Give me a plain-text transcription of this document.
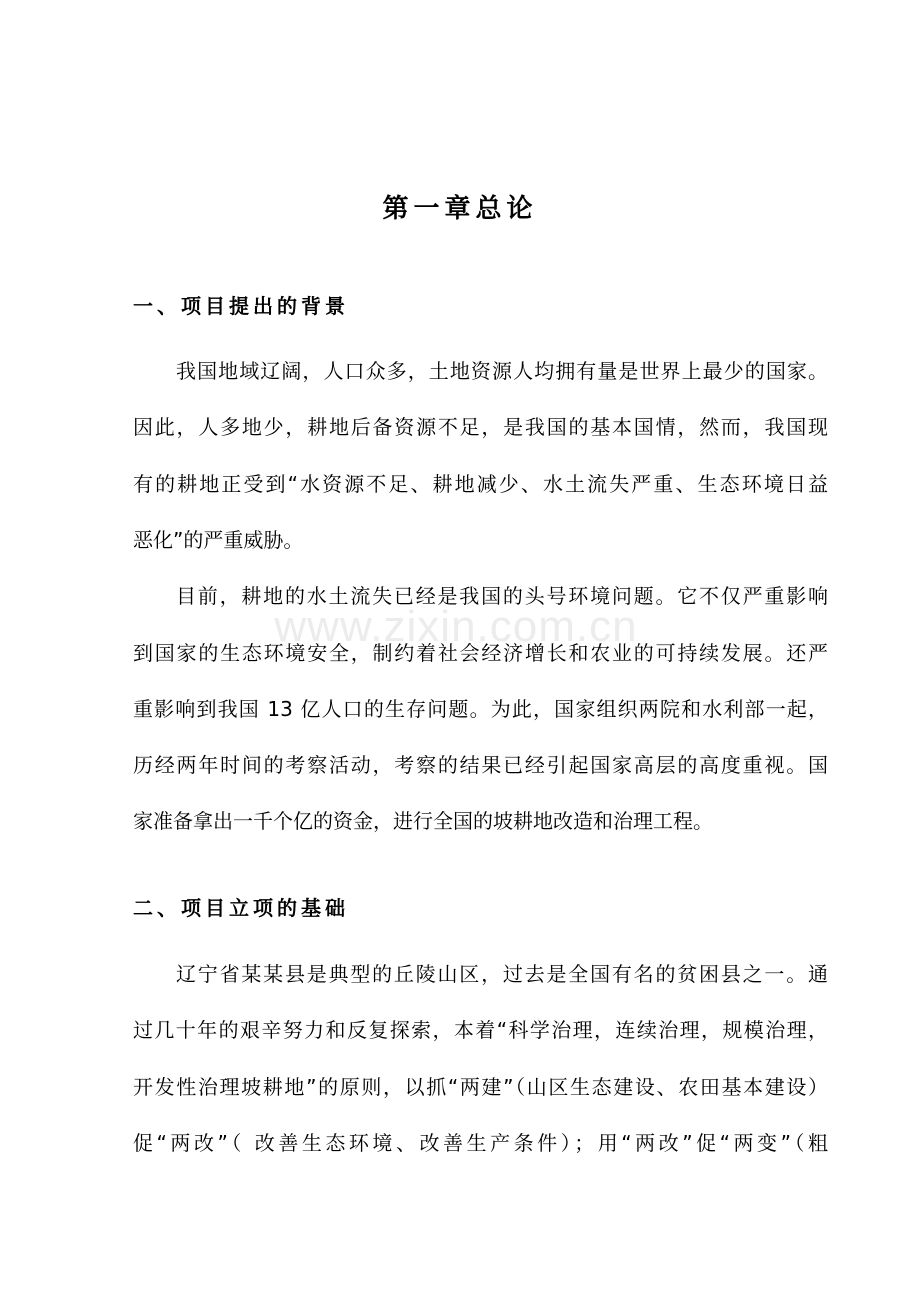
www.zixin.com.cn
第一章总论
一、项目提出的背景
我国地域辽阔，人口众多，土地资源人均拥有量是世界上最少的国家。
因此，人多地少，耕地后备资源不足，是我国的基本国情，然而，我国现
有的耕地正受到“水资源不足、耕地减少、水土流失严重、生态环境日益
恶化”的严重威胁。
目前，耕地的水土流失已经是我国的头号环境问题。它不仅严重影响
到国家的生态环境安全，制约着社会经济增长和农业的可持续发展。还严
重影响到我国 13 亿人口的生存问题。为此，国家组织两院和水利部一起，
历经两年时间的考察活动，考察的结果已经引起国家高层的高度重视。国
家准备拿出一千个亿的资金，进行全国的坡耕地改造和治理工程。
二、项目立项的基础
辽宁省某某县是典型的丘陵山区，过去是全国有名的贫困县之一。通
过几十年的艰辛努力和反复探索，本着“科学治理，连续治理，规模治理，
开发性治理坡耕地”的原则，以抓“两建”（山区生态建设、农田基本建设）
促“两改”（ 改善生态环境、改善生产条件）；用“两改”促“两变”（粗
